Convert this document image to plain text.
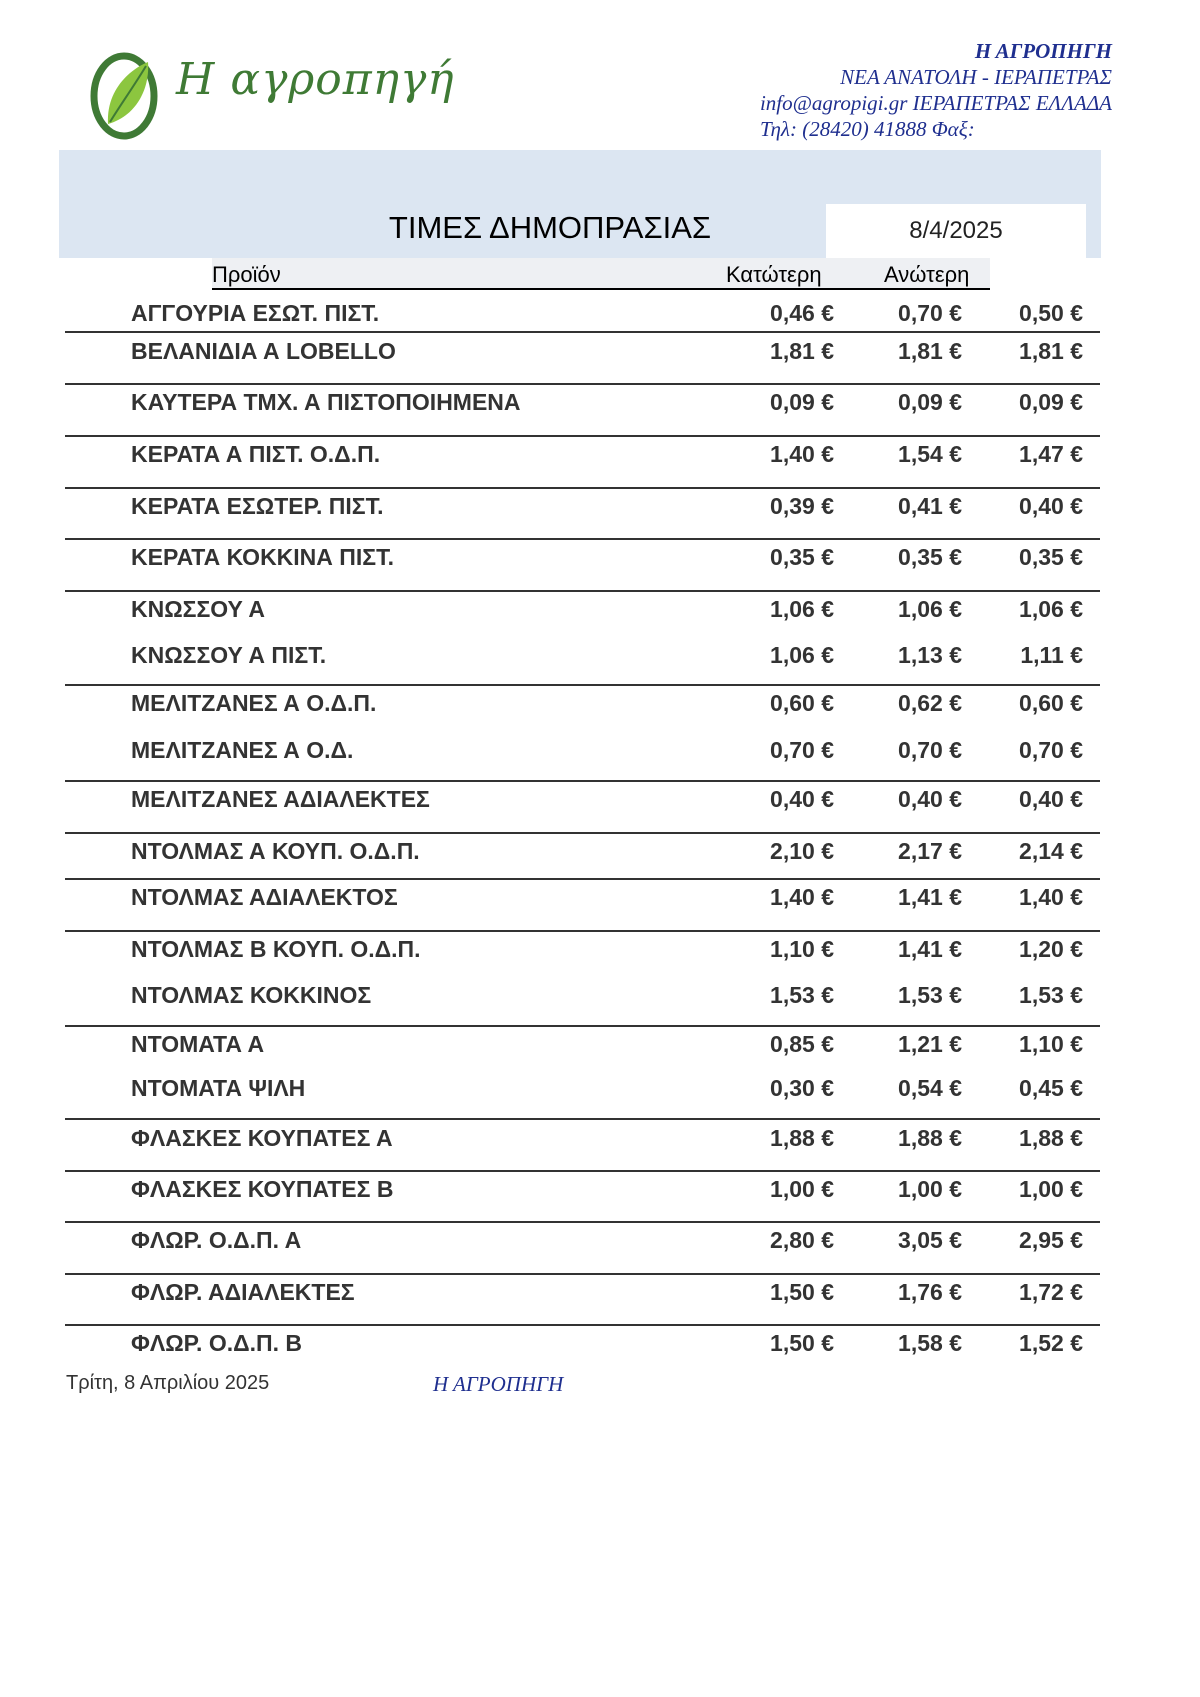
Η αγροπηγή
Η ΑΓΡΟΠΗΓΗ
ΝΕΑ ΑΝΑΤΟΛΗ - ΙΕΡΑΠΕΤΡΑΣ
info@agropigi.gr ΙΕΡΑΠΕΤΡΑΣ ΕΛΛΑΔΑ
Τηλ: (28420) 41888 Φαξ:
8/4/2025
ΤΙΜΕΣ ΔΗΜΟΠΡΑΣΙΑΣ
Προϊόν	Κατώτερη	Ανώτερη
ΑΓΓΟΥΡΙΑ ΕΣΩΤ. ΠΙΣΤ.	0,46 €	0,70 € 0,50 €
ΒΕΛΑΝΙΔΙΑ Α LOBELLO	1,81 €	1,81 € 1,81 €
ΚΑΥΤΕΡΑ ΤΜΧ. Α ΠΙΣΤΟΠΟΙΗΜΕΝΑ	0,09 €	0,09 € 0,09 €
ΚΕΡΑΤΑ Α ΠΙΣΤ. Ο.Δ.Π.	1,40 €	1,54 € 1,47 €
ΚΕΡΑΤΑ ΕΣΩΤΕΡ. ΠΙΣΤ.	0,39 €	0,41 € 0,40 €
ΚΕΡΑΤΑ ΚΟΚΚΙΝΑ ΠΙΣΤ.	0,35 €	0,35 € 0,35 €
ΚΝΩΣΣΟΥ Α	1,06 €	1,06 € 1,06 €
ΚΝΩΣΣΟΥ Α ΠΙΣΤ.	1,06 €	1,13 €	1,11 €
ΜΕΛΙΤΖΑΝΕΣ Α Ο.Δ.Π.	0,60 €	0,62 € 0,60 €
ΜΕΛΙΤΖΑΝΕΣ Α Ο.Δ.	0,70 €	0,70 € 0,70 €
ΜΕΛΙΤΖΑΝΕΣ ΑΔΙΑΛΕΚΤΕΣ	0,40 €	0,40 € 0,40 €
ΝΤΟΛΜΑΣ Α ΚΟΥΠ. Ο.Δ.Π.	2,10 €	2,17 € 2,14 €
ΝΤΟΛΜΑΣ ΑΔΙΑΛΕΚΤΟΣ	1,40 €	1,41 € 1,40 €
ΝΤΟΛΜΑΣ Β ΚΟΥΠ. Ο.Δ.Π.	1,10 €	1,41 € 1,20 €
ΝΤΟΛΜΑΣ ΚΟΚΚΙΝΟΣ	1,53 €	1,53 € 1,53 €
ΝΤΟΜΑΤΑ Α	0,85 €	1,21 € 1,10 €
ΝΤΟΜΑΤΑ ΨΙΛΗ	0,30 €	0,54 € 0,45 €
ΦΛΑΣΚΕΣ ΚΟΥΠΑΤΕΣ Α	1,88 €	1,88 € 1,88 €
ΦΛΑΣΚΕΣ ΚΟΥΠΑΤΕΣ Β	1,00 €	1,00 € 1,00 €
ΦΛΩΡ. Ο.Δ.Π. Α	2,80 €	3,05 € 2,95 €
ΦΛΩΡ. ΑΔΙΑΛΕΚΤΕΣ	1,50 €	1,76 € 1,72 €
ΦΛΩΡ. Ο.Δ.Π. Β	1,50 €	1,58 € 1,52 €
Τρίτη, 8 Απριλίου 2025	Η ΑΓΡΟΠΗΓΗ
